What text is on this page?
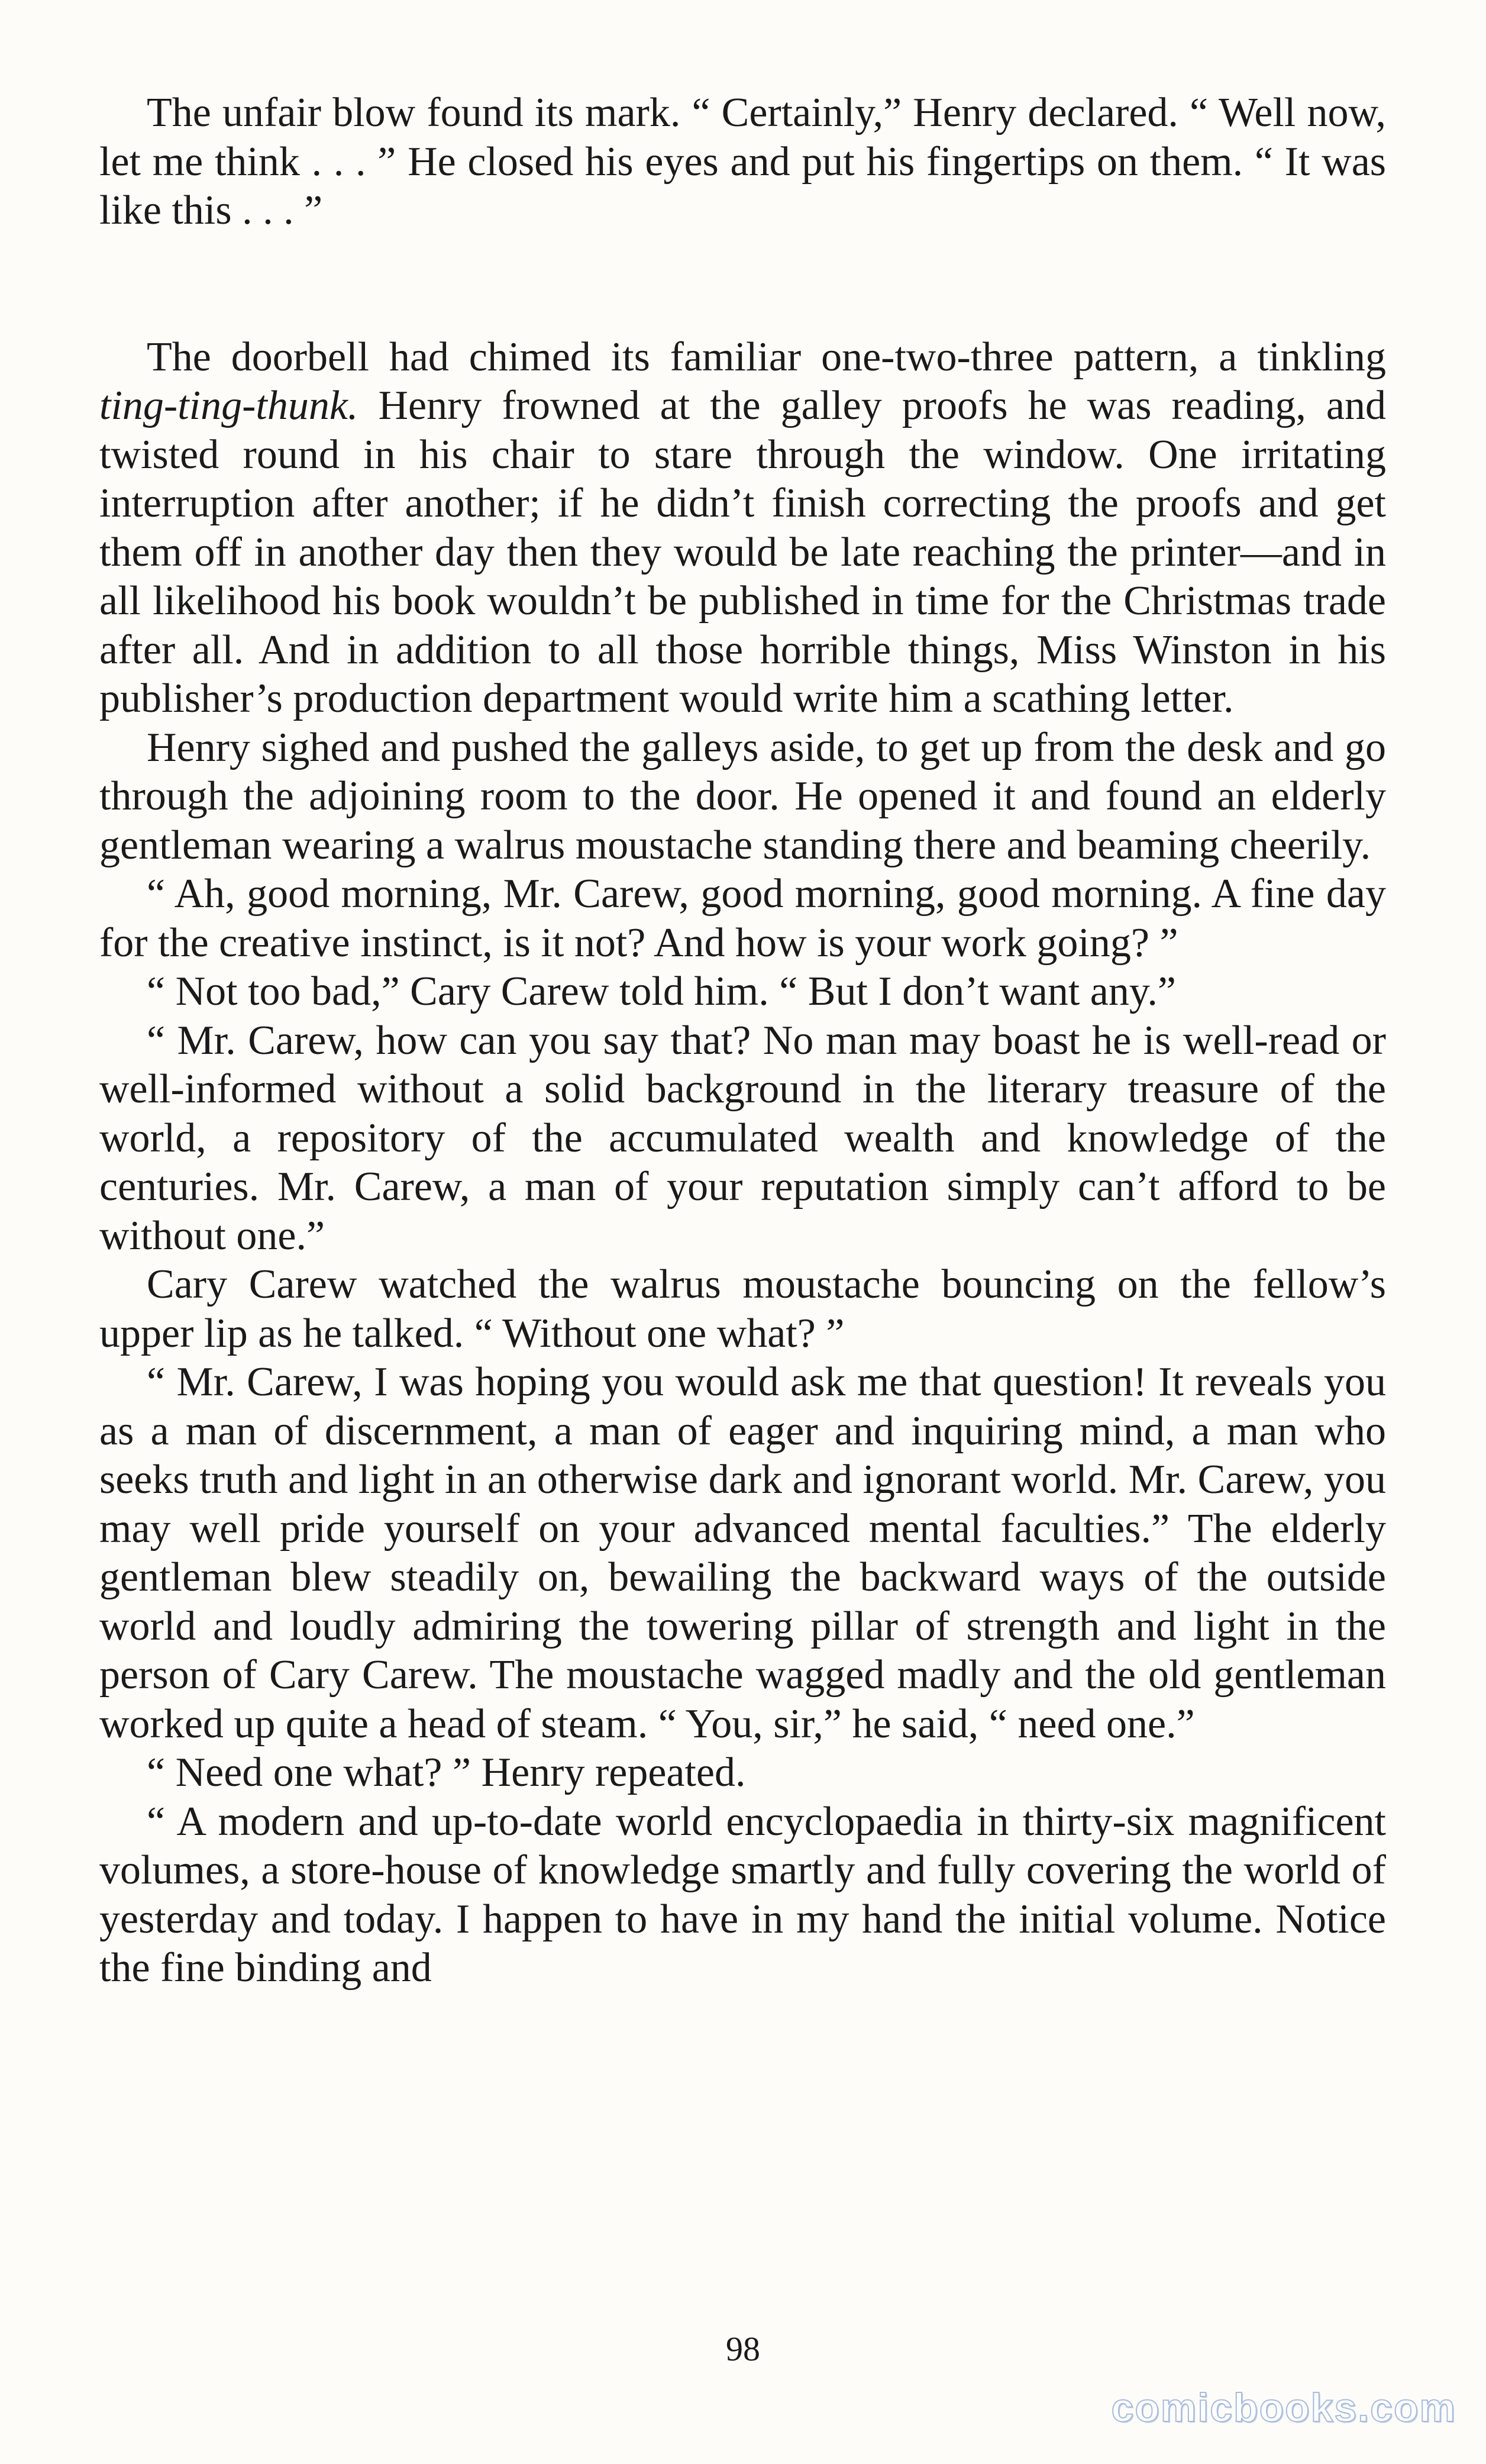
The unfair blow found its mark. “ Certainly,” Henry declared. “ Well now, let me think . . . ” He closed his eyes and put his fingertips on them. “ It was like this . . . ”

The doorbell had chimed its familiar one-two-three pattern, a tinkling ting-ting-thunk. Henry frowned at the galley proofs he was reading, and twisted round in his chair to stare through the window. One irritating interruption after another; if he didn’t finish correcting the proofs and get them off in another day then they would be late reaching the printer—and in all likelihood his book wouldn’t be published in time for the Christmas trade after all. And in addition to all those horrible things, Miss Winston in his publisher’s production department would write him a scathing letter.

Henry sighed and pushed the galleys aside, to get up from the desk and go through the adjoining room to the door. He opened it and found an elderly gentleman wearing a walrus moustache standing there and beaming cheerily.

“ Ah, good morning, Mr. Carew, good morning, good morning. A fine day for the creative instinct, is it not? And how is your work going? ”

“ Not too bad,” Cary Carew told him. “ But I don’t want any.”

“ Mr. Carew, how can you say that? No man may boast he is well-read or well-informed without a solid background in the literary treasure of the world, a repository of the accumulated wealth and knowledge of the centuries. Mr. Carew, a man of your reputation simply can’t afford to be without one.”

Cary Carew watched the walrus moustache bouncing on the fellow’s upper lip as he talked. “ Without one what? ”

“ Mr. Carew, I was hoping you would ask me that question! It reveals you as a man of discernment, a man of eager and inquiring mind, a man who seeks truth and light in an otherwise dark and ignorant world. Mr. Carew, you may well pride yourself on your advanced mental faculties.” The elderly gentleman blew steadily on, bewailing the backward ways of the outside world and loudly admiring the towering pillar of strength and light in the person of Cary Carew. The moustache wagged madly and the old gentleman worked up quite a head of steam. “ You, sir,” he said, “ need one.”

“ Need one what? ” Henry repeated.

“ A modern and up-to-date world encyclopaedia in thirty-six magnificent volumes, a store-house of knowledge smartly and fully covering the world of yesterday and today. I happen to have in my hand the initial volume. Notice the fine binding and

98
comicbooks.com
